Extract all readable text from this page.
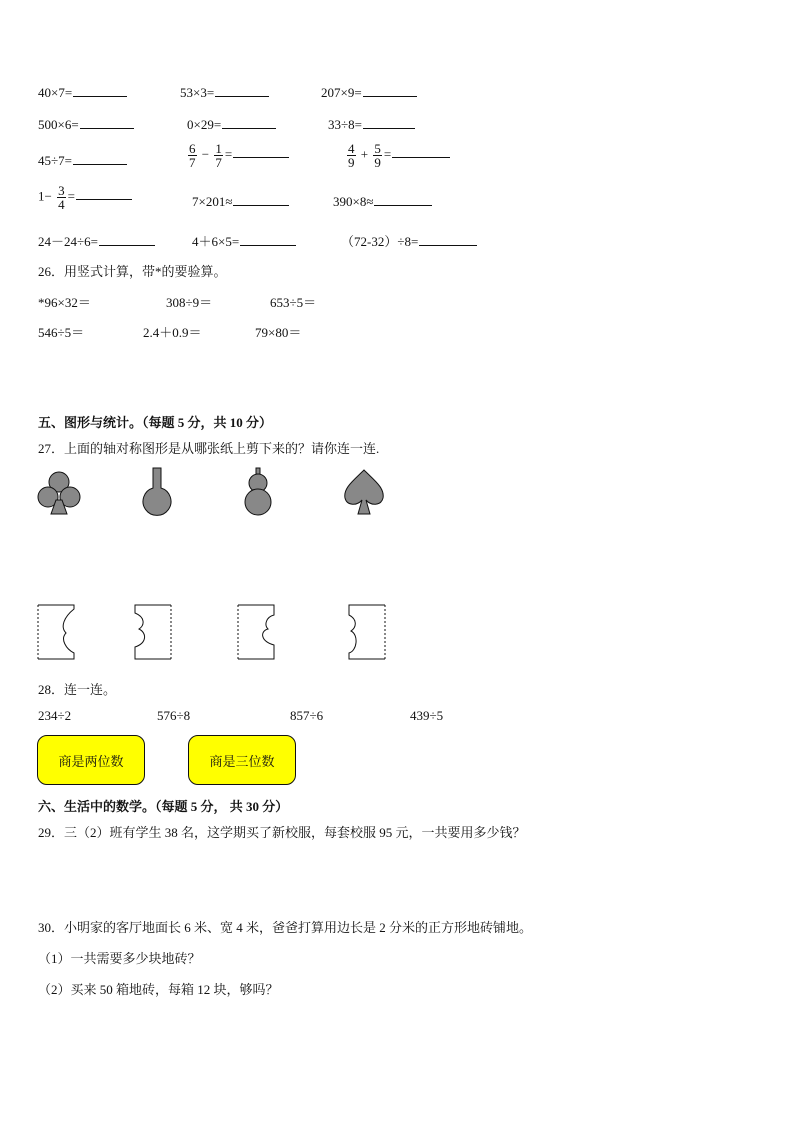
40×7=	53×3=	207×9=
500×6=	0×29=	33÷8=
45÷7=	$\frac{6}{7} - \frac{1}{7}$ =	$\frac{4}{9} + \frac{5}{9}$ =
$1- \frac{3}{4}$ =	7×201≈	390×8≈
24－24÷6=	4＋6×5=	（72-32）÷8=
26．用竖式计算，带*的要验算。
*96×32＝	308÷9＝	653÷5＝
546÷5＝	2.4＋0.9＝	79×80＝
五、图形与统计。（每题 5 分，共 10 分）
27．上面的轴对称图形是从哪张纸上剪下来的？请你连一连.
28．连一连。
234÷2	576÷8	857÷6	439÷5
商是两位数	商是三位数
六、生活中的数学。（每题 5 分， 共 30 分）
29．三（2）班有学生 38 名，这学期买了新校服，每套校服 95 元，一共要用多少钱？
30．小明家的客厅地面长 6 米、宽 4 米，爸爸打算用边长是 2 分米的正方形地砖铺地。
（1）一共需要多少块地砖？
（2）买来 50 箱地砖，每箱 12 块，够吗？
